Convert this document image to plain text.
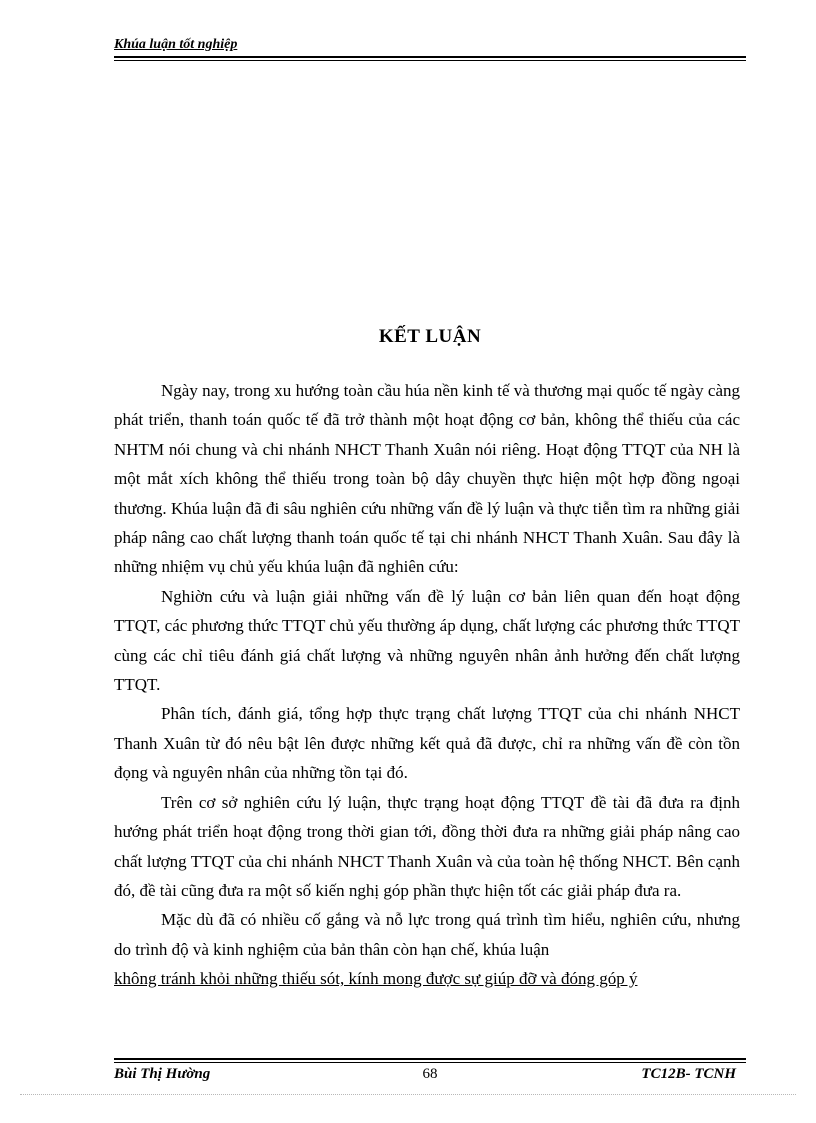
Khúa luận tốt nghiệp
KẾT LUẬN

Ngày nay, trong xu hướng toàn cầu húa nền kinh tế và thương mại quốc tế ngày càng phát triển, thanh toán quốc tế đã trở thành một hoạt động cơ bản, không thể thiếu của các NHTM nói chung và chi nhánh NHCT Thanh Xuân nói riêng. Hoạt động TTQT của NH là một mắt xích không thể thiếu trong toàn bộ dây chuyền thực hiện một hợp đồng ngoại thương. Khúa luận đã đi sâu nghiên cứu những vấn đề lý luận và thực tiễn tìm ra những giải pháp nâng cao chất lượng thanh toán quốc tế tại chi nhánh NHCT Thanh Xuân. Sau đây là những nhiệm vụ chủ yếu khúa luận đã nghiên cứu:

Nghiờn cứu và luận giải những vấn đề lý luận cơ bản liên quan đến hoạt động TTQT, các phương thức TTQT chủ yếu thường áp dụng, chất lượng các phương thức TTQT cùng các chỉ tiêu đánh giá chất lượng và những nguyên nhân ảnh hưởng đến chất lượng TTQT.

Phân tích, đánh giá, tổng hợp thực trạng chất lượng TTQT của chi nhánh NHCT Thanh Xuân từ đó nêu bật lên được những kết quả đã được, chỉ ra những vấn đề còn tồn đọng và nguyên nhân của những tồn tại đó.

Trên cơ sở nghiên cứu lý luận, thực trạng hoạt động TTQT đề tài đã đưa ra định hướng phát triển hoạt động trong thời gian tới, đồng thời đưa ra những giải pháp nâng cao chất lượng TTQT của chi nhánh NHCT Thanh Xuân và của toàn hệ thống NHCT. Bên cạnh đó, đề tài cũng đưa ra một số kiến nghị góp phần thực hiện tốt các giải pháp đưa ra.

Mặc dù đã có nhiều cố gắng và nỗ lực trong quá trình tìm hiểu, nghiên cứu, nhưng do trình độ và kinh nghiệm của bản thân còn hạn chế, khúa luận

không tránh khỏi những thiếu sót, kính mong được sự giúp đỡ và đóng góp ý

Bùi Thị Hường	68	TC12B- TCNH
